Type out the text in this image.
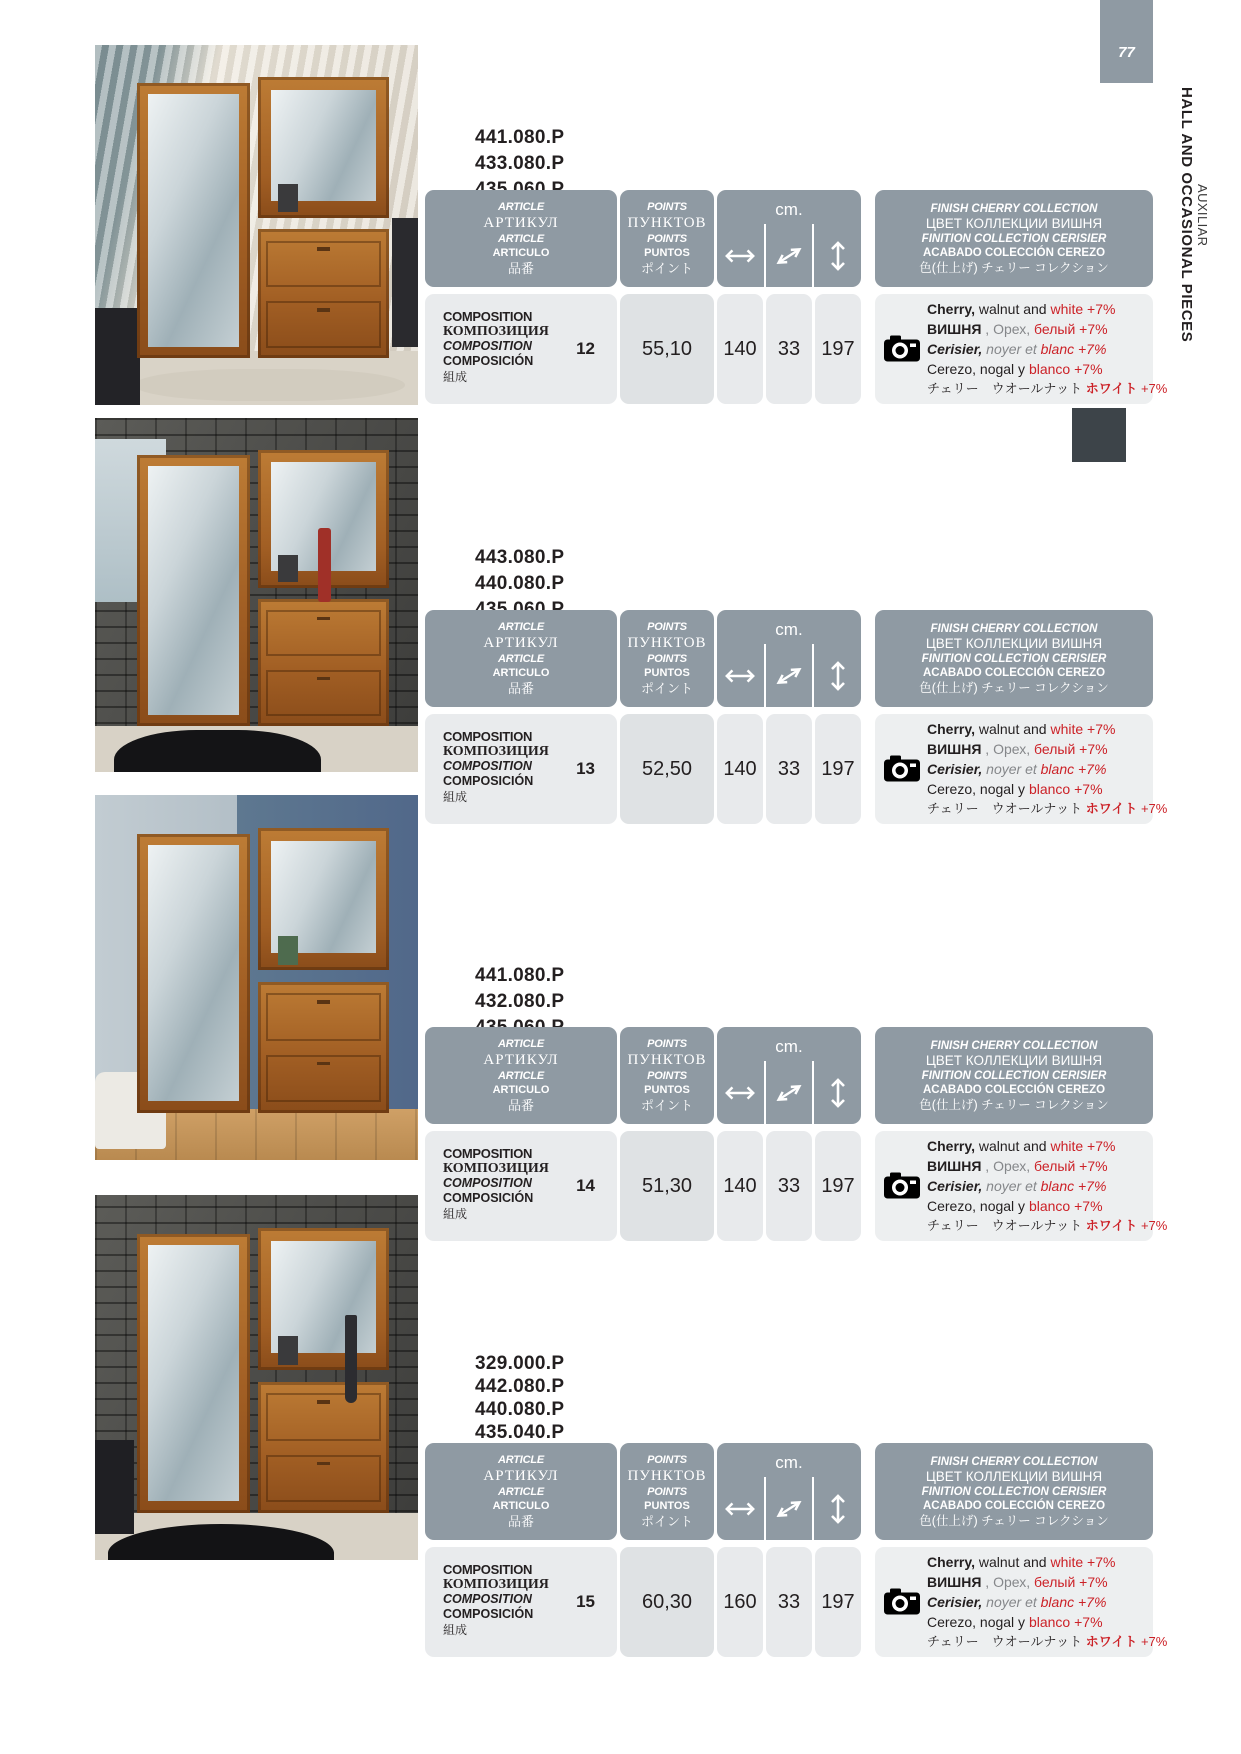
77
HALL AND OCCASIONAL PIECES AUXILIAR
441.080.P
433.080.P
ARTICLE
АРТИКУЛ
ARTICLE
ARTICULO
品番
POINTS
ПУНКТОВ
POINTS
PUNTOS
ポイント
cm.	FINISH CHERRY COLLECTION
ЦВЕТ КОЛЛЕКЦИИ ВИШНЯ
FINITION COLLECTION CERISIER
ACABADO COLECCIÓN CEREZO
色(仕上げ) チェリー コレクション
COMPOSITION
КОМПОЗИЦИЯ
COMPOSITION
COMPOSICIÓN
組成
12	55,10	140	33	197
Cherry, walnut and white +7%
ВИШНЯ , Орех, белый +7%
Cerisier, noyer et blanc +7%
Cerezo, nogal y blanco +7%
チェリー　ウオールナット ホワイト +7%
443.080.P
440.080.P
ARTICLE
АРТИКУЛ
ARTICLE
ARTICULO
品番
POINTS
ПУНКТОВ
POINTS
PUNTOS
ポイント
cm.	FINISH CHERRY COLLECTION
ЦВЕТ КОЛЛЕКЦИИ ВИШНЯ
FINITION COLLECTION CERISIER
ACABADO COLECCIÓN CEREZO
色(仕上げ) チェリー コレクション
COMPOSITION
КОМПОЗИЦИЯ
COMPOSITION
COMPOSICIÓN
組成
13	52,50	140	33	197
Cherry, walnut and white +7%
ВИШНЯ , Орех, белый +7%
Cerisier, noyer et blanc +7%
Cerezo, nogal y blanco +7%
チェリー　ウオールナット ホワイト +7%
441.080.P
432.080.P
ARTICLE
АРТИКУЛ
ARTICLE
ARTICULO
品番
POINTS
ПУНКТОВ
POINTS
PUNTOS
ポイント
cm.	FINISH CHERRY COLLECTION
ЦВЕТ КОЛЛЕКЦИИ ВИШНЯ
FINITION COLLECTION CERISIER
ACABADO COLECCIÓN CEREZO
色(仕上げ) チェリー コレクション
COMPOSITION
КОМПОЗИЦИЯ
COMPOSITION
COMPOSICIÓN
組成
14	51,30	140	33	197
Cherry, walnut and white +7%
ВИШНЯ , Орех, белый +7%
Cerisier, noyer et blanc +7%
Cerezo, nogal y blanco +7%
チェリー　ウオールナット ホワイト +7%
329.000.P
442.080.P
440.080.P
435.040.P
ARTICLE
АРТИКУЛ
ARTICLE
ARTICULO
品番
POINTS
ПУНКТОВ
POINTS
PUNTOS
ポイント
cm.	FINISH CHERRY COLLECTION
ЦВЕТ КОЛЛЕКЦИИ ВИШНЯ
FINITION COLLECTION CERISIER
ACABADO COLECCIÓN CEREZO
色(仕上げ) チェリー コレクション
COMPOSITION
КОМПОЗИЦИЯ
COMPOSITION
COMPOSICIÓN
組成
15	60,30	160	33	197
Cherry, walnut and white +7%
ВИШНЯ , Орех, белый +7%
Cerisier, noyer et blanc +7%
Cerezo, nogal y blanco +7%
チェリー　ウオールナット ホワイト +7%
